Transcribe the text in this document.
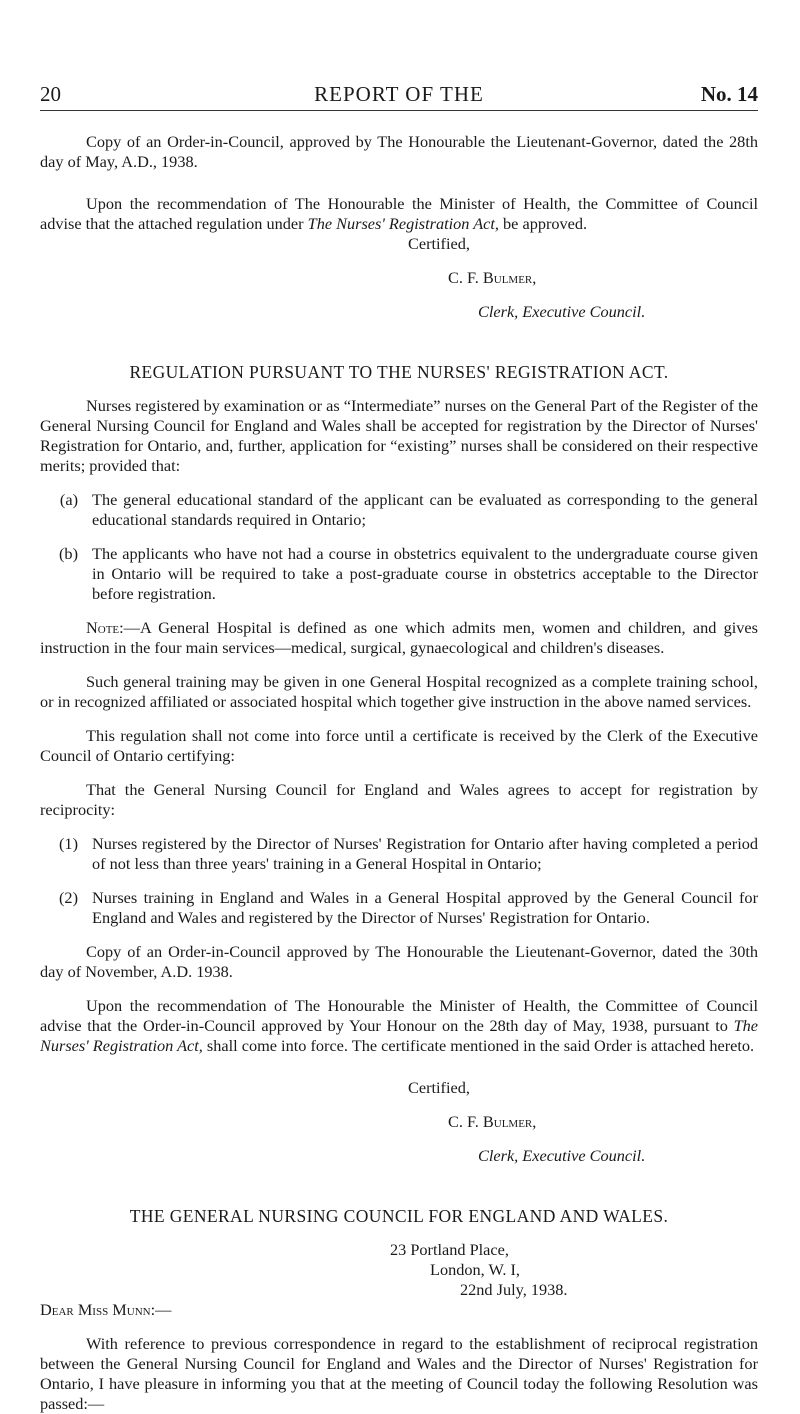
20	REPORT OF THE	No. 14

Copy of an Order-in-Council, approved by The Honourable the Lieutenant-Governor, dated the 28th day of May, A.D., 1938.

Upon the recommendation of The Honourable the Minister of Health, the Committee of Council advise that the attached regulation under The Nurses' Registration Act, be approved.

Certified,

C. F. Bulmer,

Clerk, Executive Council.

REGULATION PURSUANT TO THE NURSES' REGISTRATION ACT.

Nurses registered by examination or as “Intermediate” nurses on the General Part of the Register of the General Nursing Council for England and Wales shall be accepted for registration by the Director of Nurses' Registration for Ontario, and, further, application for “existing” nurses shall be considered on their respective merits; provided that:

(a) The general educational standard of the applicant can be evaluated as corresponding to the general educational standards required in Ontario;
(b) The applicants who have not had a course in obstetrics equivalent to the undergraduate course given in Ontario will be required to take a post-graduate course in obstetrics acceptable to the Director before registration.

Note:—A General Hospital is defined as one which admits men, women and children, and gives instruction in the four main services—medical, surgical, gynaecological and children's diseases.

Such general training may be given in one General Hospital recognized as a complete training school, or in recognized affiliated or associated hospital which together give instruction in the above named services.

This regulation shall not come into force until a certificate is received by the Clerk of the Executive Council of Ontario certifying:

That the General Nursing Council for England and Wales agrees to accept for registration by reciprocity:

(1) Nurses registered by the Director of Nurses' Registration for Ontario after having completed a period of not less than three years' training in a General Hospital in Ontario;
(2) Nurses training in England and Wales in a General Hospital approved by the General Council for England and Wales and registered by the Director of Nurses' Registration for Ontario.

Copy of an Order-in-Council approved by The Honourable the Lieutenant-Governor, dated the 30th day of November, A.D. 1938.

Upon the recommendation of The Honourable the Minister of Health, the Committee of Council advise that the Order-in-Council approved by Your Honour on the 28th day of May, 1938, pursuant to The Nurses' Registration Act, shall come into force. The certificate mentioned in the said Order is attached hereto.

Certified,

C. F. Bulmer,

Clerk, Executive Council.

THE GENERAL NURSING COUNCIL FOR ENGLAND AND WALES.

23 Portland Place,

London, W. I,

22nd July, 1938.

Dear Miss Munn:—

With reference to previous correspondence in regard to the establishment of reciprocal registration between the General Nursing Council for England and Wales and the Director of Nurses' Registration for Ontario, I have pleasure in informing you that at the meeting of Council today the following Resolution was passed:—
